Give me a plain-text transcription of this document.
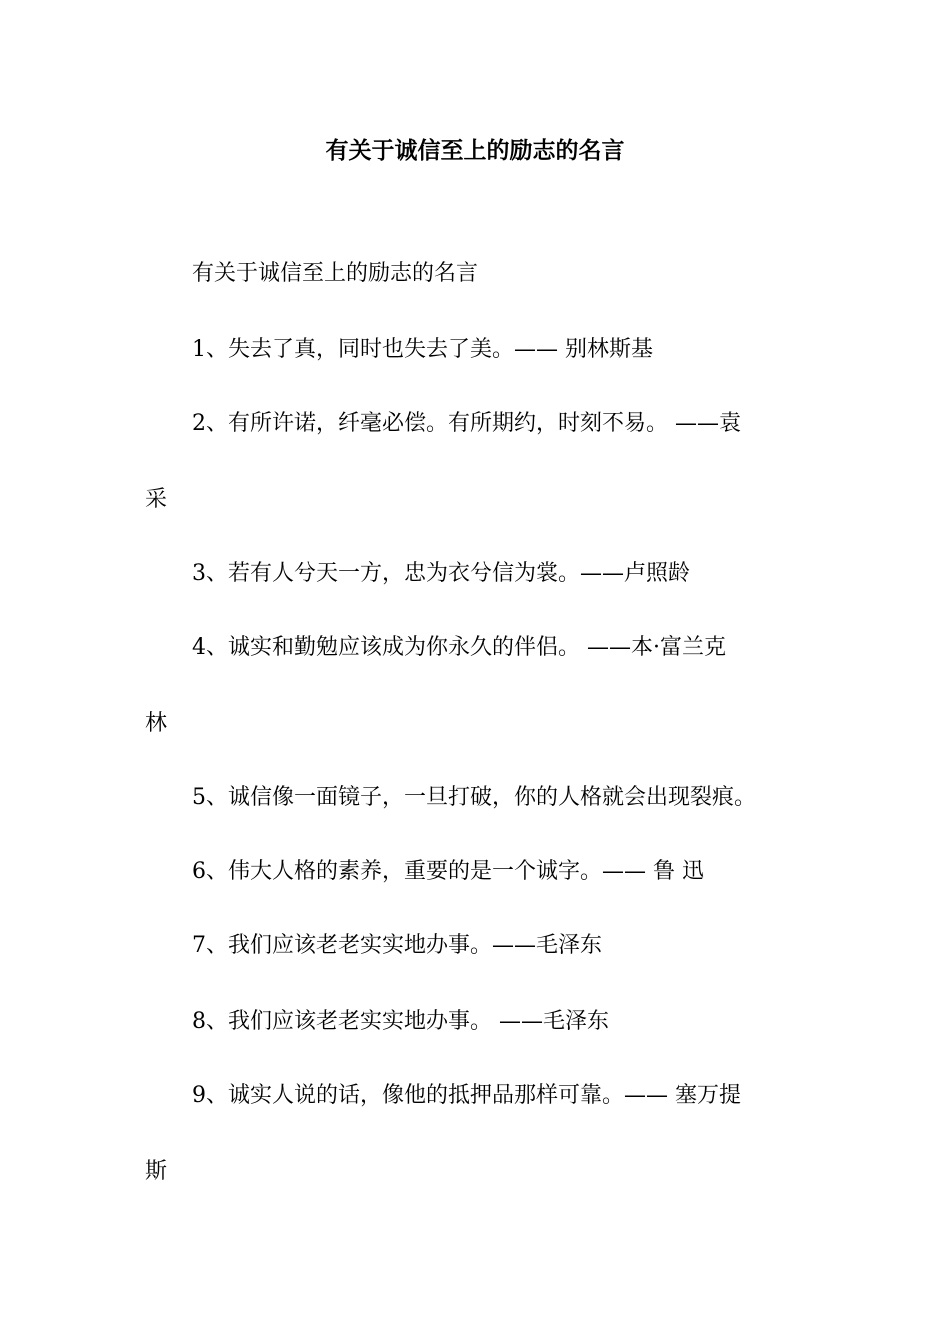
有关于诚信至上的励志的名言
有关于诚信至上的励志的名言
1、失去了真，同时也失去了美。—— 别林斯基
2、有所许诺，纤毫必偿。有所期约，时刻不易。 ——袁
采
3、若有人兮天一方，忠为衣兮信为裳。——卢照龄
4、诚实和勤勉应该成为你永久的伴侣。 ——本·富兰克
林
5、诚信像一面镜子，一旦打破，你的人格就会出现裂痕。
6、伟大人格的素养，重要的是一个诚字。—— 鲁 迅
7、我们应该老老实实地办事。——毛泽东
8、我们应该老老实实地办事。 ——毛泽东
9、诚实人说的话，像他的抵押品那样可靠。—— 塞万提
斯
